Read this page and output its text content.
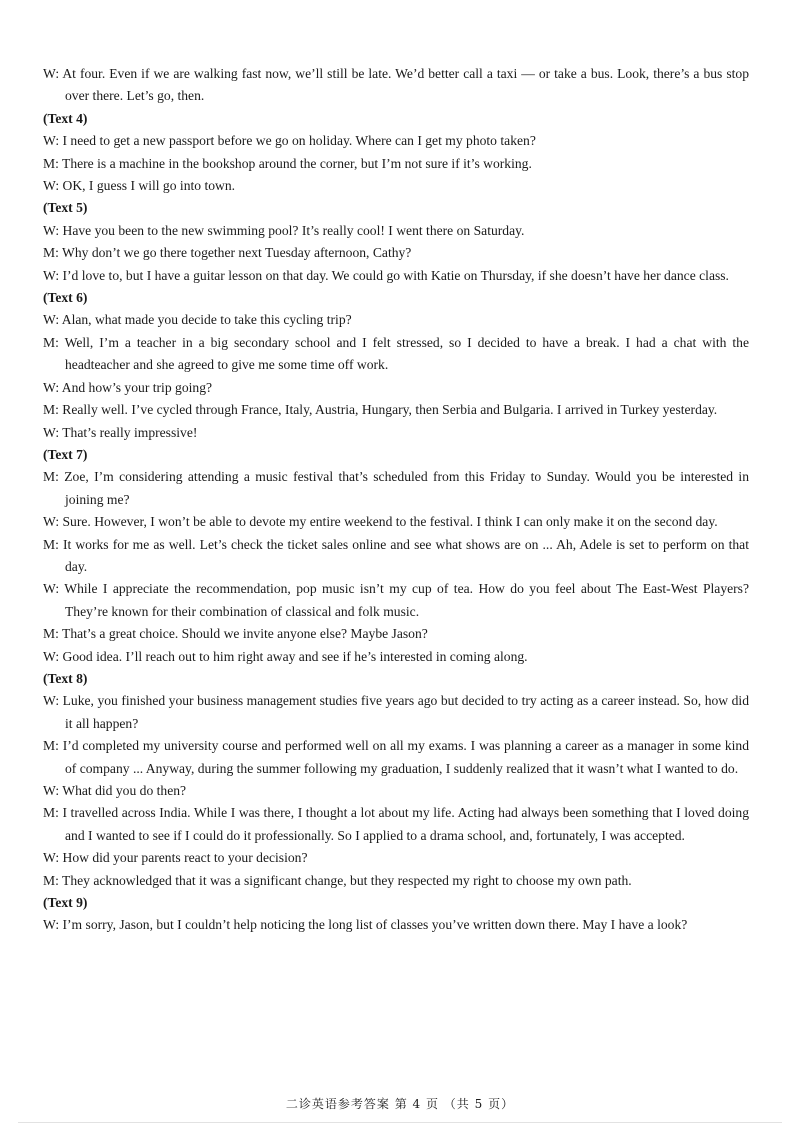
W: At four. Even if we are walking fast now, we’ll still be late. We’d better call a taxi — or take a bus. Look, there’s a bus stop over there. Let’s go, then.
(Text 4)
W: I need to get a new passport before we go on holiday. Where can I get my photo taken?
M: There is a machine in the bookshop around the corner, but I’m not sure if it’s working.
W: OK, I guess I will go into town.
(Text 5)
W: Have you been to the new swimming pool? It’s really cool! I went there on Saturday.
M: Why don’t we go there together next Tuesday afternoon, Cathy?
W: I’d love to, but I have a guitar lesson on that day. We could go with Katie on Thursday, if she doesn’t have her dance class.
(Text 6)
W: Alan, what made you decide to take this cycling trip?
M: Well, I’m a teacher in a big secondary school and I felt stressed, so I decided to have a break. I had a chat with the headteacher and she agreed to give me some time off work.
W: And how’s your trip going?
M: Really well. I’ve cycled through France, Italy, Austria, Hungary, then Serbia and Bulgaria. I arrived in Turkey yesterday.
W: That’s really impressive!
(Text 7)
M: Zoe, I’m considering attending a music festival that’s scheduled from this Friday to Sunday. Would you be interested in joining me?
W: Sure. However, I won’t be able to devote my entire weekend to the festival. I think I can only make it on the second day.
M: It works for me as well. Let’s check the ticket sales online and see what shows are on ... Ah, Adele is set to perform on that day.
W: While I appreciate the recommendation, pop music isn’t my cup of tea. How do you feel about The East-West Players? They’re known for their combination of classical and folk music.
M: That’s a great choice. Should we invite anyone else? Maybe Jason?
W: Good idea. I’ll reach out to him right away and see if he’s interested in coming along.
(Text 8)
W: Luke, you finished your business management studies five years ago but decided to try acting as a career instead. So, how did it all happen?
M: I’d completed my university course and performed well on all my exams. I was planning a career as a manager in some kind of company ... Anyway, during the summer following my graduation, I suddenly realized that it wasn’t what I wanted to do.
W: What did you do then?
M: I travelled across India. While I was there, I thought a lot about my life. Acting had always been something that I loved doing and I wanted to see if I could do it professionally. So I applied to a drama school, and, fortunately, I was accepted.
W: How did your parents react to your decision?
M: They acknowledged that it was a significant change, but they respected my right to choose my own path.
(Text 9)
W: I’m sorry, Jason, but I couldn’t help noticing the long list of classes you’ve written down there. May I have a look?
二诊英语参考答案 第 4 页 （共 5 页）
